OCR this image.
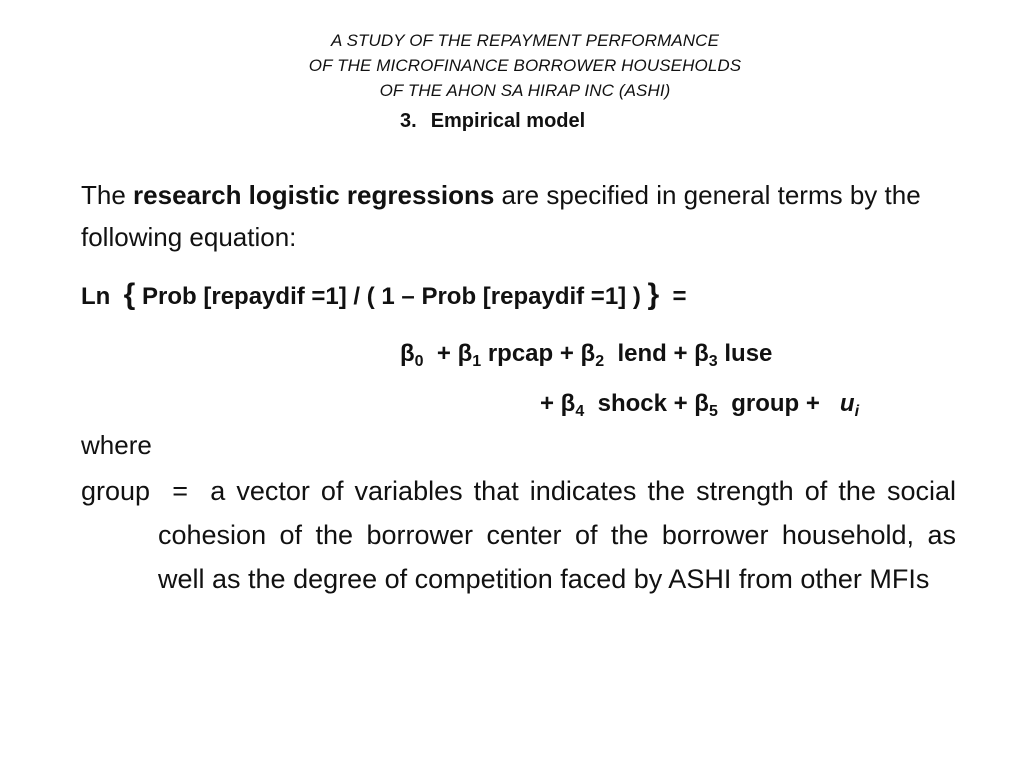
A STUDY OF THE REPAYMENT PERFORMANCE
OF THE MICROFINANCE BORROWER HOUSEHOLDS
OF THE AHON SA HIRAP INC (ASHI)
3. Empirical model
The research logistic regressions are specified in general terms by the following equation:
Ln { Prob [repaydif =1] / ( 1 – Prob [repaydif =1] ) } =
$\beta_0 + \beta_1$ rpcap + $\beta_2$ lend + $\beta_3$ luse
+ $\beta_4$ shock + $\beta_5$ group + $u_i$
where
group = a vector of variables that indicates the strength of the social cohesion of the borrower center of the borrower household, as well as the degree of competition faced by ASHI from other MFIs
